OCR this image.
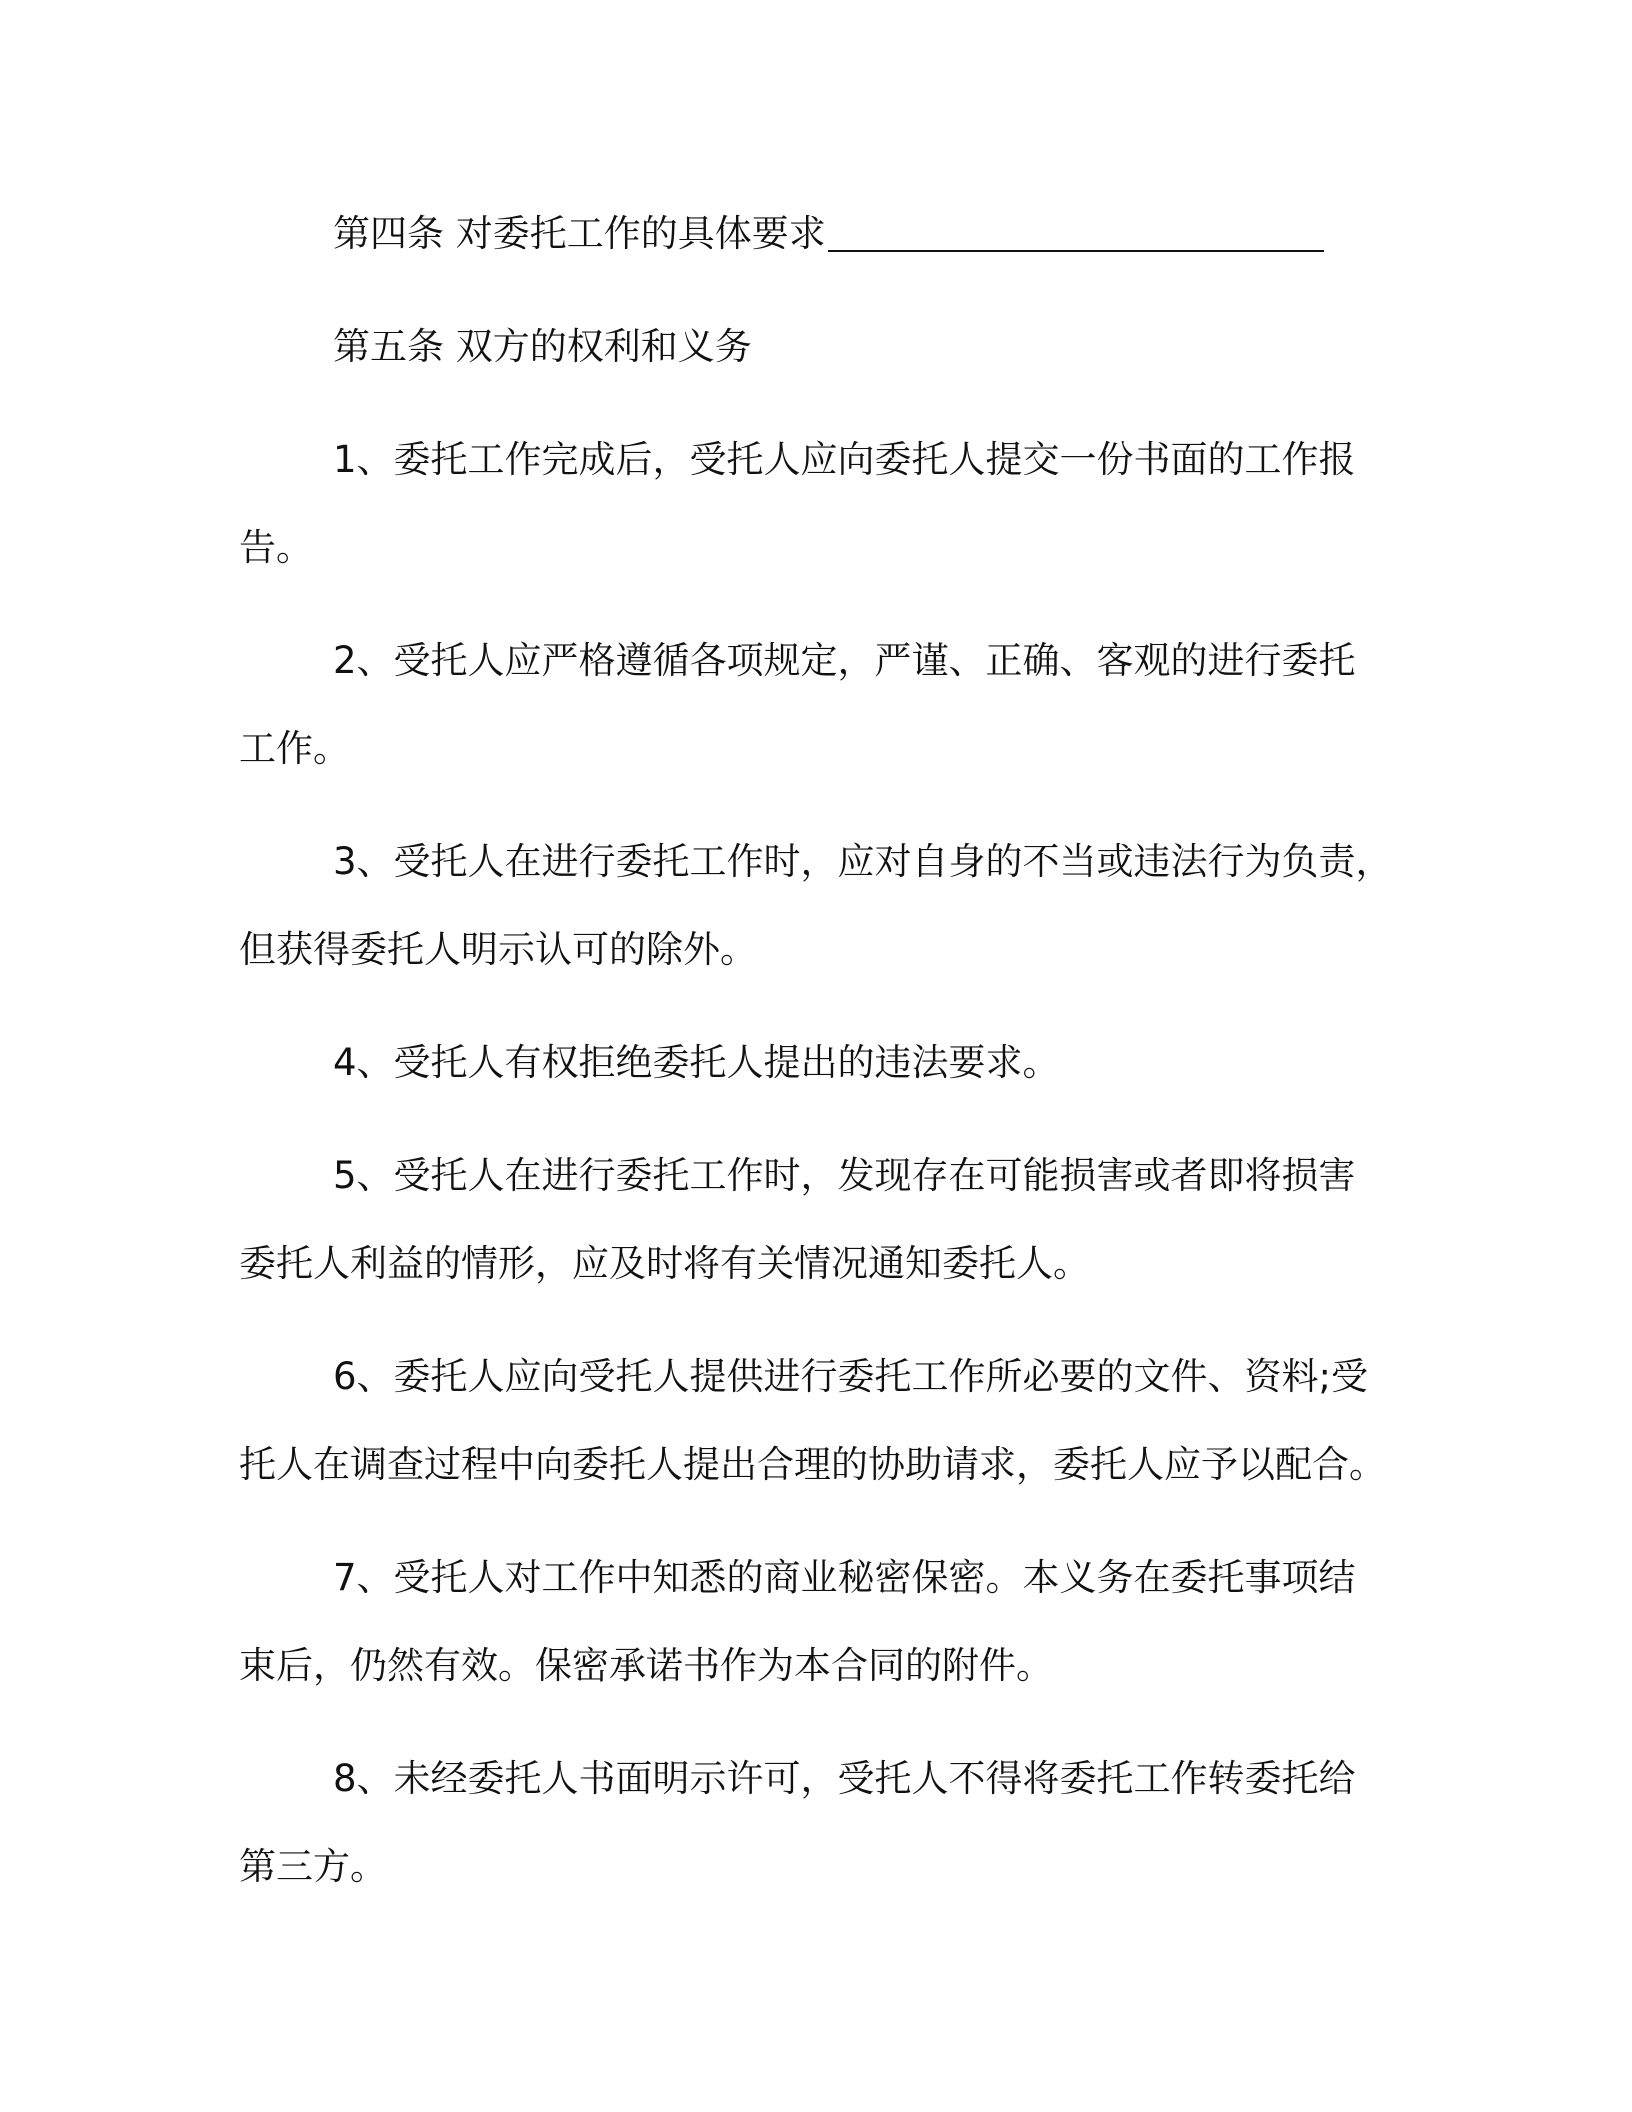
第四条 对委托工作的具体要求

第五条 双方的权利和义务

1、委托工作完成后，受托人应向委托人提交一份书面的工作报

告。

2、受托人应严格遵循各项规定，严谨、正确、客观的进行委托

工作。

3、受托人在进行委托工作时，应对自身的不当或违法行为负责，

但获得委托人明示认可的除外。

4、受托人有权拒绝委托人提出的违法要求。

5、受托人在进行委托工作时，发现存在可能损害或者即将损害

委托人利益的情形，应及时将有关情况通知委托人。

6、委托人应向受托人提供进行委托工作所必要的文件、资料;受

托人在调查过程中向委托人提出合理的协助请求，委托人应予以配合。

7、受托人对工作中知悉的商业秘密保密。本义务在委托事项结

束后，仍然有效。保密承诺书作为本合同的附件。

8、未经委托人书面明示许可，受托人不得将委托工作转委托给

第三方。
